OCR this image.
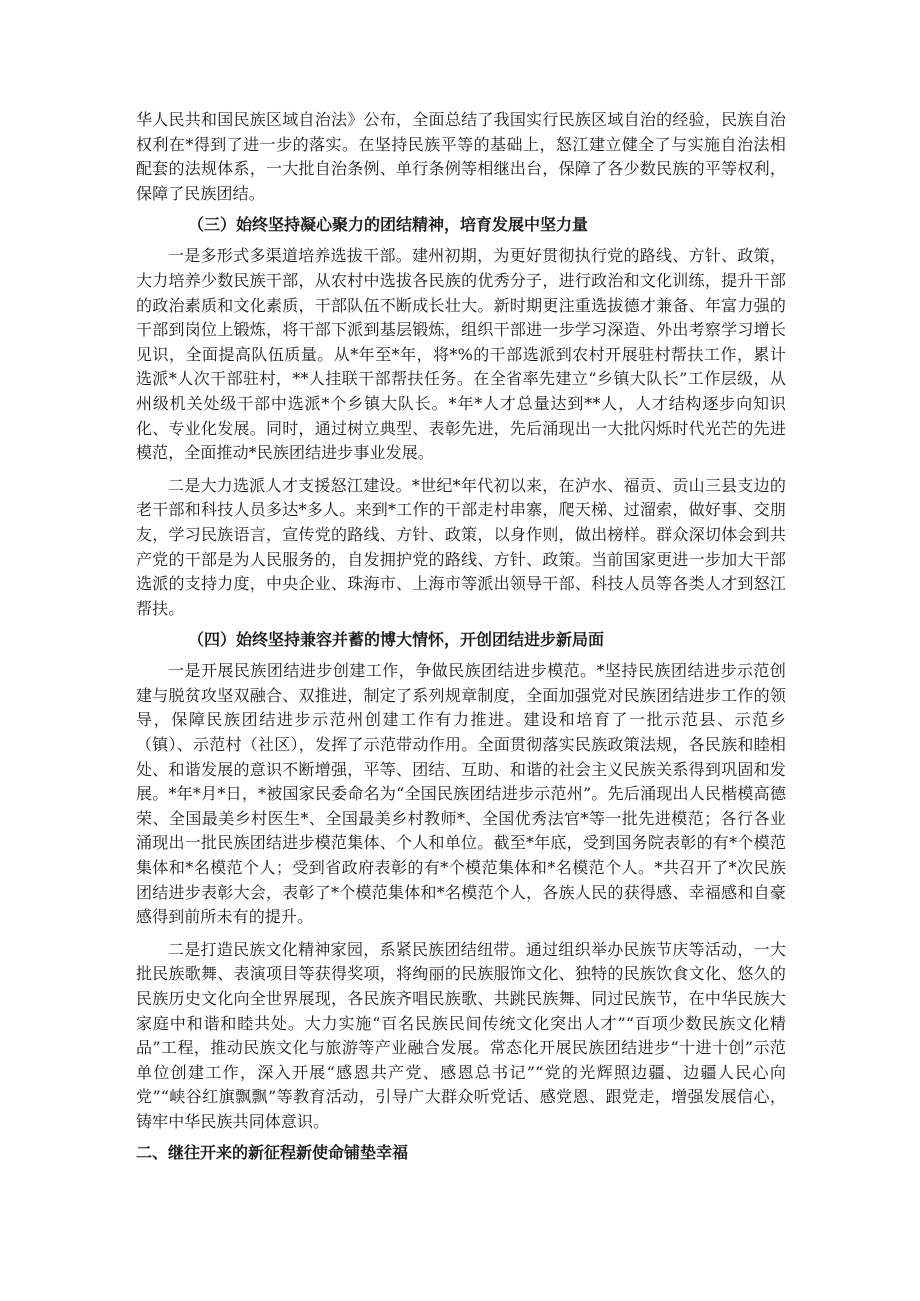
华人民共和国民族区域自治法》公布，全面总结了我国实行民族区域自治的经验，民族自治权利在*得到了进一步的落实。在坚持民族平等的基础上，怒江建立健全了与实施自治法相配套的法规体系，一大批自治条例、单行条例等相继出台，保障了各少数民族的平等权利，保障了民族团结。

（三）始终坚持凝心聚力的团结精神，培育发展中坚力量

一是多形式多渠道培养选拔干部。建州初期，为更好贯彻执行党的路线、方针、政策，大力培养少数民族干部，从农村中选拔各民族的优秀分子，进行政治和文化训练，提升干部的政治素质和文化素质，干部队伍不断成长壮大。新时期更注重选拔德才兼备、年富力强的干部到岗位上锻炼，将干部下派到基层锻炼，组织干部进一步学习深造、外出考察学习增长见识，全面提高队伍质量。从*年至*年，将*%的干部选派到农村开展驻村帮扶工作，累计选派*人次干部驻村，**人挂联干部帮扶任务。在全省率先建立“乡镇大队长”工作层级，从州级机关处级干部中选派*个乡镇大队长。*年*人才总量达到**人，人才结构逐步向知识化、专业化发展。同时，通过树立典型、表彰先进，先后涌现出一大批闪烁时代光芒的先进模范，全面推动*民族团结进步事业发展。

二是大力选派人才支援怒江建设。*世纪*年代初以来，在泸水、福贡、贡山三县支边的老干部和科技人员多达*多人。来到*工作的干部走村串寨，爬天梯、过溜索，做好事、交朋友，学习民族语言，宣传党的路线、方针、政策，以身作则，做出榜样。群众深切体会到共产党的干部是为人民服务的，自发拥护党的路线、方针、政策。当前国家更进一步加大干部选派的支持力度，中央企业、珠海市、上海市等派出领导干部、科技人员等各类人才到怒江帮扶。

（四）始终坚持兼容并蓄的博大情怀，开创团结进步新局面

一是开展民族团结进步创建工作，争做民族团结进步模范。*坚持民族团结进步示范创建与脱贫攻坚双融合、双推进，制定了系列规章制度，全面加强党对民族团结进步工作的领导，保障民族团结进步示范州创建工作有力推进。建设和培育了一批示范县、示范乡（镇）、示范村（社区），发挥了示范带动作用。全面贯彻落实民族政策法规，各民族和睦相处、和谐发展的意识不断增强，平等、团结、互助、和谐的社会主义民族关系得到巩固和发展。*年*月*日，*被国家民委命名为“全国民族团结进步示范州”。先后涌现出人民楷模高德荣、全国最美乡村医生*、全国最美乡村教师*、全国优秀法官*等一批先进模范；各行各业涌现出一批民族团结进步模范集体、个人和单位。截至*年底，受到国务院表彰的有*个模范集体和*名模范个人；受到省政府表彰的有*个模范集体和*名模范个人。*共召开了*次民族团结进步表彰大会，表彰了*个模范集体和*名模范个人，各族人民的获得感、幸福感和自豪感得到前所未有的提升。

二是打造民族文化精神家园，系紧民族团结纽带。通过组织举办民族节庆等活动，一大批民族歌舞、表演项目等获得奖项，将绚丽的民族服饰文化、独特的民族饮食文化、悠久的民族历史文化向全世界展现，各民族齐唱民族歌、共跳民族舞、同过民族节，在中华民族大家庭中和谐和睦共处。大力实施“百名民族民间传统文化突出人才”“百项少数民族文化精品”工程，推动民族文化与旅游等产业融合发展。常态化开展民族团结进步“十进十创”示范单位创建工作，深入开展“感恩共产党、感恩总书记”“党的光辉照边疆、边疆人民心向党”“峡谷红旗飘飘”等教育活动，引导广大群众听党话、感党恩、跟党走，增强发展信心，铸牢中华民族共同体意识。

二、继往开来的新征程新使命铺垫幸福
